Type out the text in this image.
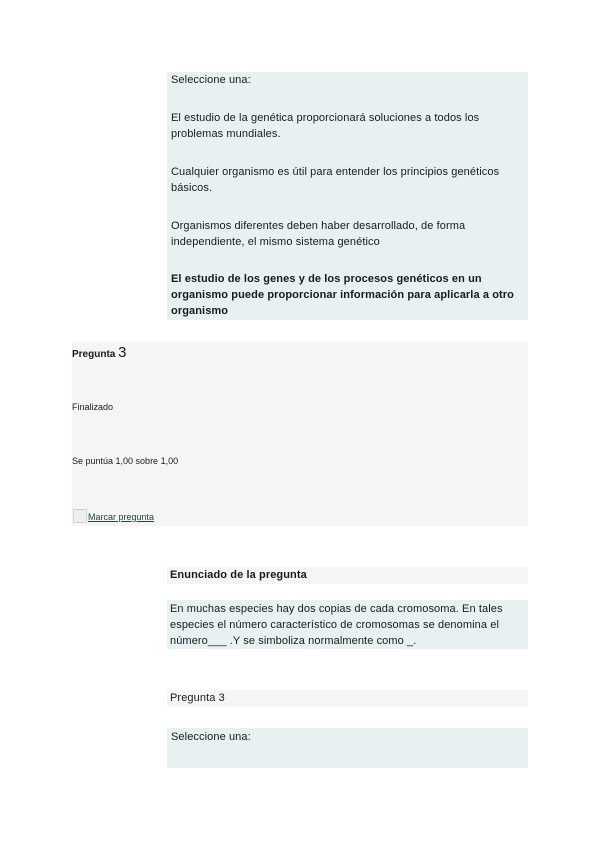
Seleccione una:
El estudio de la genética proporcionará soluciones a todos los problemas mundiales.
Cualquier organismo es útil para entender los principios genéticos básicos.
Organismos diferentes deben haber desarrollado, de forma independiente, el mismo sistema genético
El estudio de los genes y de los procesos genéticos en un organismo puede proporcionar información para aplicarla a otro organismo
Pregunta 3
Finalizado
Se puntúa 1,00 sobre 1,00
Marcar pregunta
Enunciado de la pregunta
En muchas especies hay dos copias de cada cromosoma. En tales especies el número característico de cromosomas se denomina el número___ .Y se simboliza normalmente como _.
Pregunta 3
Seleccione una:
